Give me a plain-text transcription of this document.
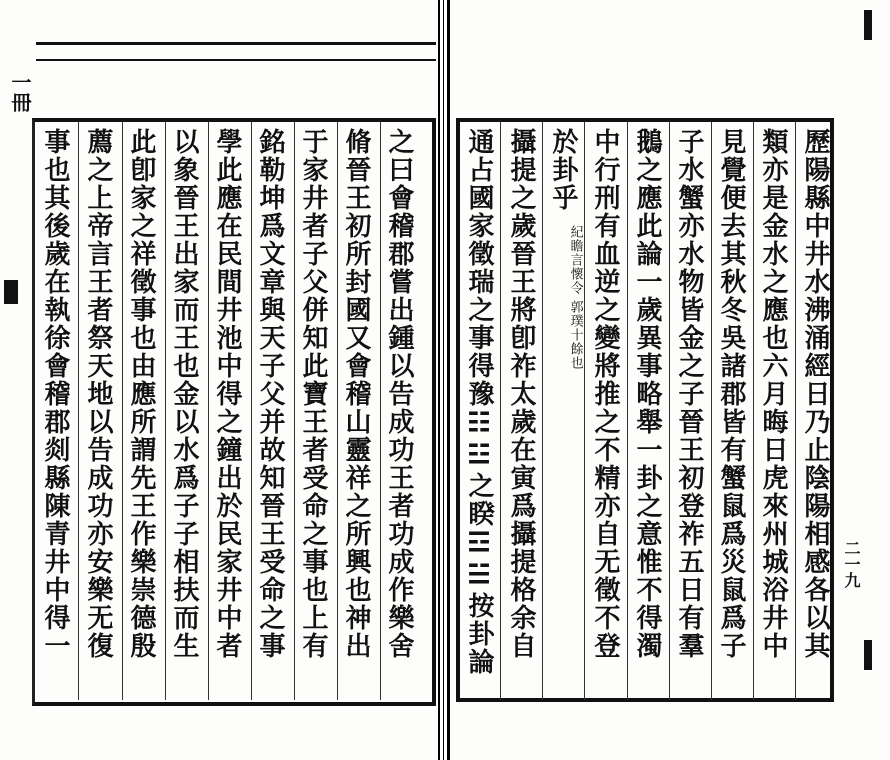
之曰會稽郡嘗出鍾以告成功王者功成作樂舍
脩晉王初所封國又會稽山靈祥之所興也神出
于家井者子父併知此寶王者受命之事也上有
銘勒坤爲文章與天子父并故知晉王受命之事
學此應在民間井池中得之鐘出於民家井中者
以象晉王出家而王也金以水爲子子相扶而生
此卽家之祥徵事也由應所謂先王作樂崇德殷
薦之上帝言王者祭天地以告成功亦安樂无復
事也其後歲在執徐會稽郡剡縣陳青井中得一	歷陽縣中井水沸涌經日乃止陰陽相感各以其
類亦是金水之應也六月晦日虎來州城浴井中
見覺便去其秋冬吳諸郡皆有蟹鼠爲災鼠爲子
子水蟹亦水物皆金之子晉王初登祚五日有羣
鵝之應此論一歲異事略舉一卦之意惟不得濁
中行刑有血逆之變將推之不精亦自无徵不登
於卦乎
紀瞻言懷令 郭璞十餘也
攝提之歲晉王將卽祚太歲在寅爲攝提格余自
通占國家徵瑞之事得豫☷☳之睽☲☱按卦論
一冊
二一九
